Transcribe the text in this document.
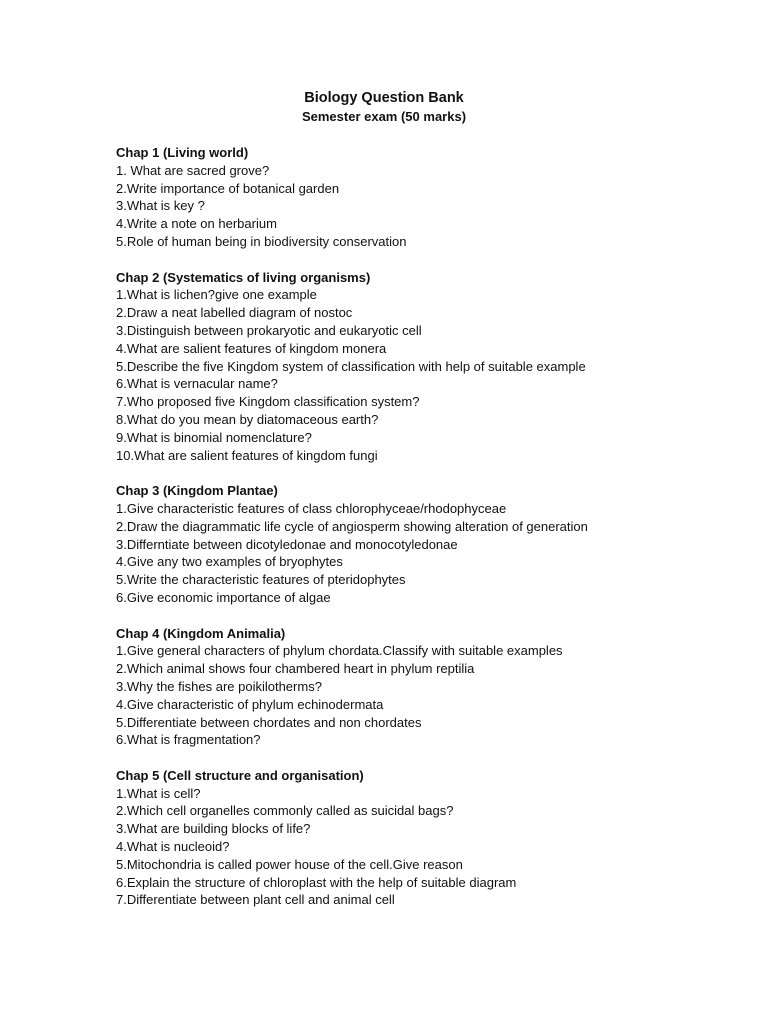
Biology Question Bank
Semester exam (50 marks)
Chap 1 (Living world)
1. What are sacred grove?
2.Write importance of botanical garden
3.What is key ?
4.Write a note on herbarium
5.Role of human being in biodiversity conservation
Chap 2 (Systematics of living organisms)
1.What is lichen?give one example
2.Draw a neat labelled diagram of nostoc
3.Distinguish between prokaryotic and eukaryotic cell
4.What are salient features of kingdom monera
5.Describe the five Kingdom system of classification with help of suitable example
6.What is vernacular name?
7.Who proposed five Kingdom classification system?
8.What do you mean by diatomaceous earth?
9.What is binomial nomenclature?
10.What are salient features of kingdom fungi
Chap 3 (Kingdom Plantae)
1.Give characteristic features of class chlorophyceae/rhodophyceae
2.Draw the diagrammatic life cycle of angiosperm showing alteration of generation
3.Differntiate between dicotyledonae and monocotyledonae
4.Give any two examples of bryophytes
5.Write the characteristic features of pteridophytes
6.Give economic importance of algae
Chap 4 (Kingdom Animalia)
1.Give general characters of phylum chordata.Classify with suitable examples
2.Which animal shows four chambered heart in phylum reptilia
3.Why the fishes are poikilotherms?
4.Give characteristic of phylum echinodermata
5.Differentiate between chordates and non chordates
6.What is fragmentation?
Chap 5 (Cell structure and organisation)
1.What is cell?
2.Which cell organelles commonly called as suicidal bags?
3.What are building blocks of life?
4.What is nucleoid?
5.Mitochondria is called power house of the cell.Give reason
6.Explain the structure of chloroplast with the help of suitable diagram
7.Differentiate between plant cell and animal cell
